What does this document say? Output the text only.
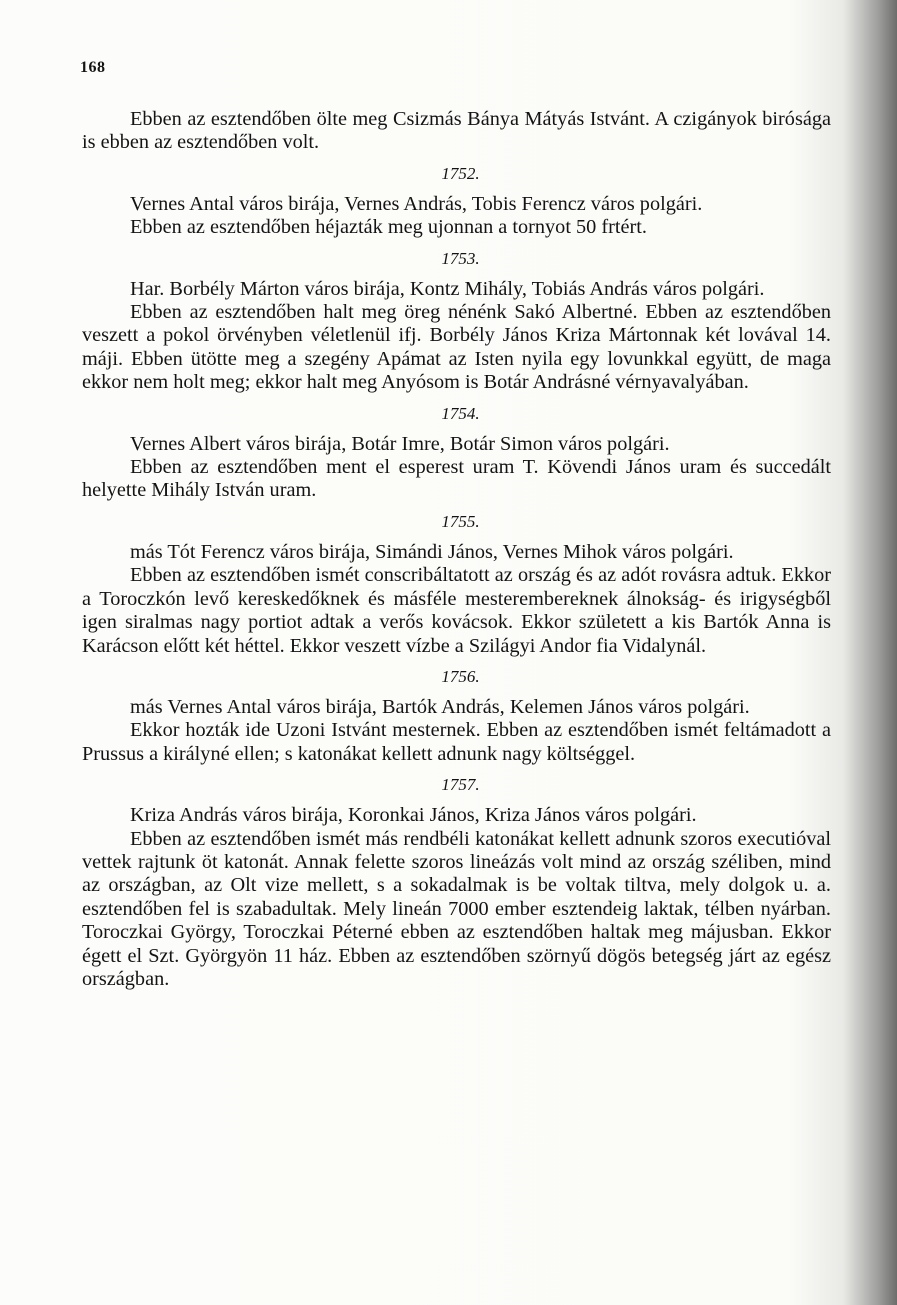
168

Ebben az esztendőben ölte meg Csizmás Bánya Mátyás Istvánt. A czigányok birósága is ebben az esztendőben volt.

1752.

Vernes Antal város birája, Vernes András, Tobis Ferencz város polgári.

Ebben az esztendőben héjazták meg ujonnan a tornyot 50 frtért.

1753.

Har. Borbély Márton város birája, Kontz Mihály, Tobiás András város polgári.

Ebben az esztendőben halt meg öreg nénénk Sakó Albertné. Ebben az esztendőben veszett a pokol örvényben véletlenül ifj. Borbély János Kriza Mártonnak két lovával 14. máji. Ebben ütötte meg a szegény Apámat az Isten nyila egy lovunkkal együtt, de maga ekkor nem holt meg; ekkor halt meg Anyósom is Botár Andrásné vérnyavalyában.

1754.

Vernes Albert város birája, Botár Imre, Botár Simon város polgári.

Ebben az esztendőben ment el esperest uram T. Kövendi János uram és succedált helyette Mihály István uram.

1755.

más Tót Ferencz város birája, Simándi János, Vernes Mihok város polgári.

Ebben az esztendőben ismét conscribáltatott az ország és az adót rovásra adtuk. Ekkor a Toroczkón levő kereskedőknek és másféle mesterembereknek álnokság- és irigységből igen siralmas nagy portiot adtak a verős kovácsok. Ekkor született a kis Bartók Anna is Karácson előtt két héttel. Ekkor veszett vízbe a Szilágyi Andor fia Vidalynál.

1756.

más Vernes Antal város birája, Bartók András, Kelemen János város polgári.

Ekkor hozták ide Uzoni Istvánt mesternek. Ebben az esztendőben ismét feltámadott a Prussus a királyné ellen; s katonákat kellett adnunk nagy költséggel.

1757.

Kriza András város birája, Koronkai János, Kriza János város polgári.

Ebben az esztendőben ismét más rendbéli katonákat kellett adnunk szoros executióval vettek rajtunk öt katonát. Annak felette szoros lineázás volt mind az ország széliben, mind az országban, az Olt vize mellett, s a sokadalmak is be voltak tiltva, mely dolgok u. a. esztendőben fel is szabadultak. Mely lineán 7000 ember esztendeig laktak, télben nyárban. Toroczkai György, Toroczkai Péterné ebben az esztendőben haltak meg májusban. Ekkor égett el Szt. Györgyön 11 ház. Ebben az esztendőben szörnyű dögös betegség járt az egész országban.
